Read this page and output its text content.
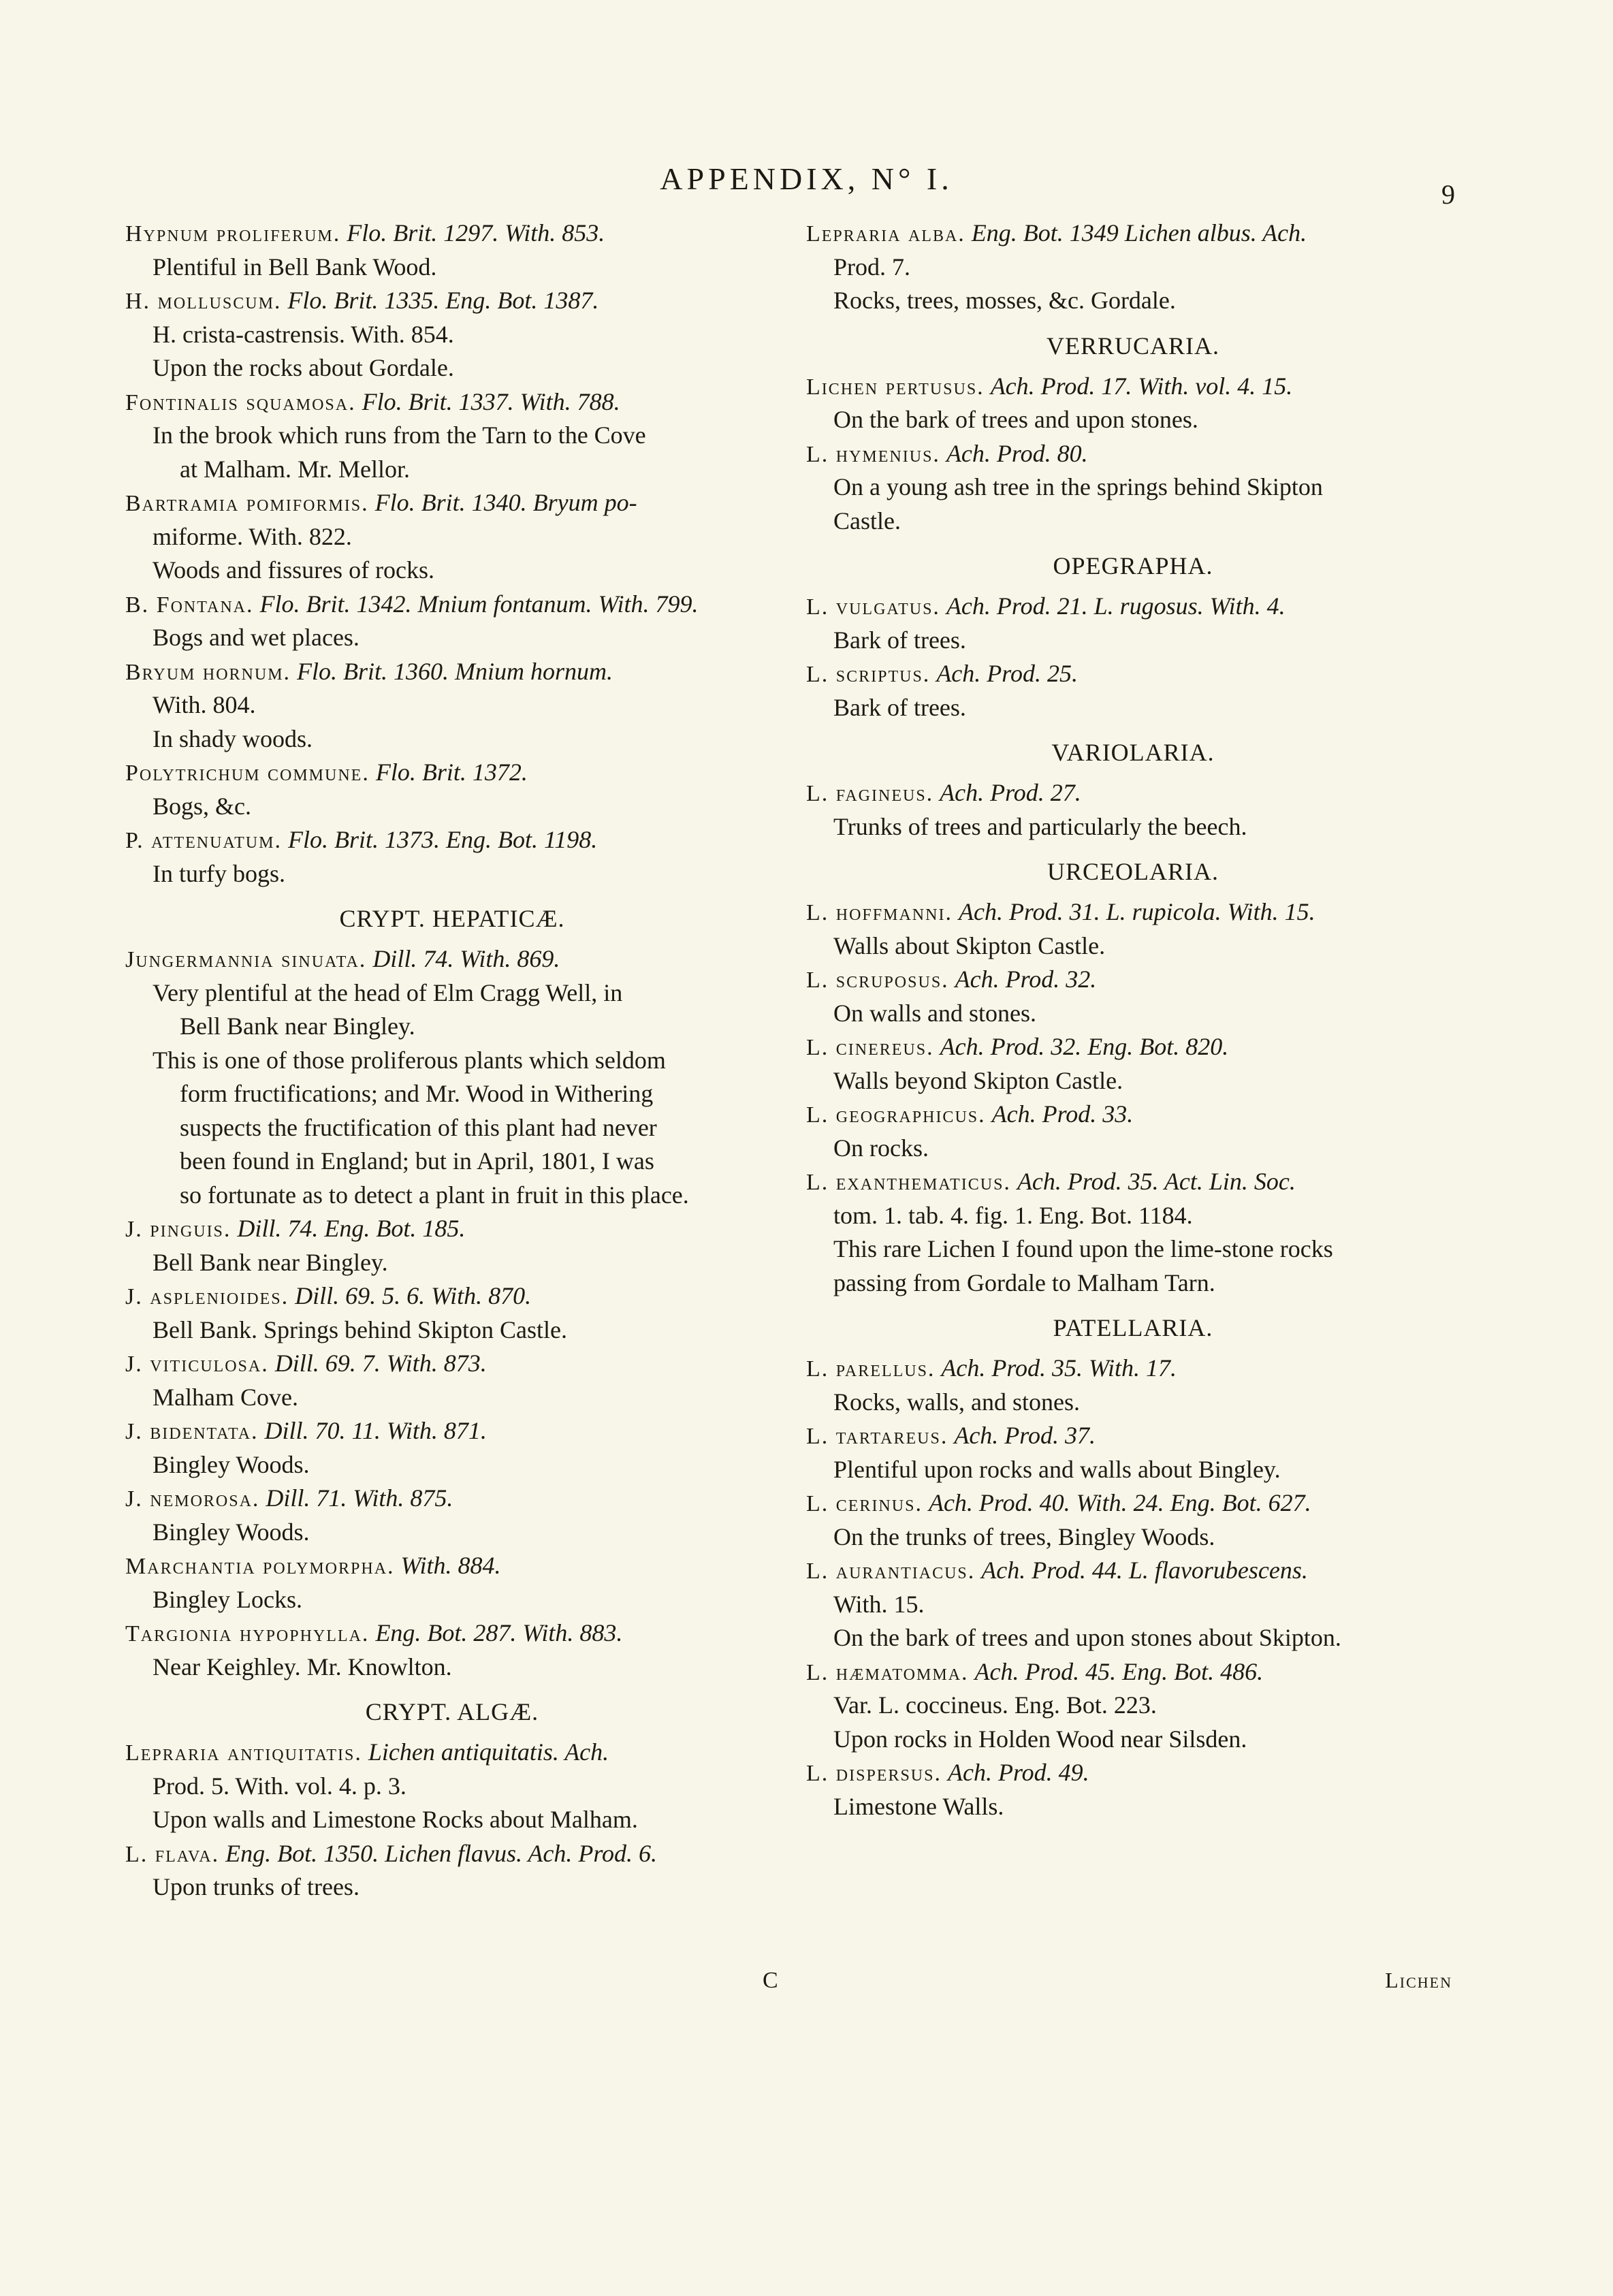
APPENDIX, N° I.	9
Hypnum proliferum. Flo. Brit. 1297. With. 853.
Plentiful in Bell Bank Wood.
H. molluscum. Flo. Brit. 1335. Eng. Bot. 1387.
H. crista-castrensis. With. 854.
Upon the rocks about Gordale.
Fontinalis squamosa. Flo. Brit. 1337. With. 788.
In the brook which runs from the Tarn to the Cove
at Malham. Mr. Mellor.
Bartramia pomiformis. Flo. Brit. 1340. Bryum po-
miforme. With. 822.
Woods and fissures of rocks.
B. Fontana. Flo. Brit. 1342. Mnium fontanum. With. 799.
Bogs and wet places.
Bryum hornum. Flo. Brit. 1360. Mnium hornum.
With. 804.
In shady woods.
Polytrichum commune. Flo. Brit. 1372.
Bogs, &c.
P. attenuatum. Flo. Brit. 1373. Eng. Bot. 1198.
In turfy bogs.
CRYPT. HEPATICÆ.
Jungermannia sinuata. Dill. 74. With. 869.
Very plentiful at the head of Elm Cragg Well, in
Bell Bank near Bingley.
This is one of those proliferous plants which seldom
form fructifications; and Mr. Wood in Withering
suspects the fructification of this plant had never
been found in England; but in April, 1801, I was
so fortunate as to detect a plant in fruit in this place.
J. pinguis. Dill. 74. Eng. Bot. 185.
Bell Bank near Bingley.
J. asplenioides. Dill. 69. 5. 6. With. 870.
Bell Bank. Springs behind Skipton Castle.
J. viticulosa. Dill. 69. 7. With. 873.
Malham Cove.
J. bidentata. Dill. 70. 11. With. 871.
Bingley Woods.
J. nemorosa. Dill. 71. With. 875.
Bingley Woods.
Marchantia polymorpha. With. 884.
Bingley Locks.
Targionia hypophylla. Eng. Bot. 287. With. 883.
Near Keighley. Mr. Knowlton.
CRYPT. ALGÆ.
Lepraria antiquitatis. Lichen antiquitatis. Ach.
Prod. 5. With. vol. 4. p. 3.
Upon walls and Limestone Rocks about Malham.
L. flava. Eng. Bot. 1350. Lichen flavus. Ach. Prod. 6.
Upon trunks of trees.
Lepraria alba. Eng. Bot. 1349 Lichen albus. Ach.
Prod. 7.
Rocks, trees, mosses, &c. Gordale.
VERRUCARIA.
Lichen pertusus. Ach. Prod. 17. With. vol. 4. 15.
On the bark of trees and upon stones.
L. hymenius. Ach. Prod. 80.
On a young ash tree in the springs behind Skipton
Castle.
OPEGRAPHA.
L. vulgatus. Ach. Prod. 21. L. rugosus. With. 4.
Bark of trees.
L. scriptus. Ach. Prod. 25.
Bark of trees.
VARIOLARIA.
L. fagineus. Ach. Prod. 27.
Trunks of trees and particularly the beech.
URCEOLARIA.
L. hoffmanni. Ach. Prod. 31. L. rupicola. With. 15.
Walls about Skipton Castle.
L. scruposus. Ach. Prod. 32.
On walls and stones.
L. cinereus. Ach. Prod. 32. Eng. Bot. 820.
Walls beyond Skipton Castle.
L. geographicus. Ach. Prod. 33.
On rocks.
L. exanthematicus. Ach. Prod. 35. Act. Lin. Soc.
tom. 1. tab. 4. fig. 1. Eng. Bot. 1184.
This rare Lichen I found upon the lime-stone rocks
passing from Gordale to Malham Tarn.
PATELLARIA.
L. parellus. Ach. Prod. 35. With. 17.
Rocks, walls, and stones.
L. tartareus. Ach. Prod. 37.
Plentiful upon rocks and walls about Bingley.
L. cerinus. Ach. Prod. 40. With. 24. Eng. Bot. 627.
On the trunks of trees, Bingley Woods.
L. aurantiacus. Ach. Prod. 44. L. flavorubescens.
With. 15.
On the bark of trees and upon stones about Skipton.
L. hæmatomma. Ach. Prod. 45. Eng. Bot. 486.
Var. L. coccineus. Eng. Bot. 223.
Upon rocks in Holden Wood near Silsden.
L. dispersus. Ach. Prod. 49.
Limestone Walls.
C	Lichen
